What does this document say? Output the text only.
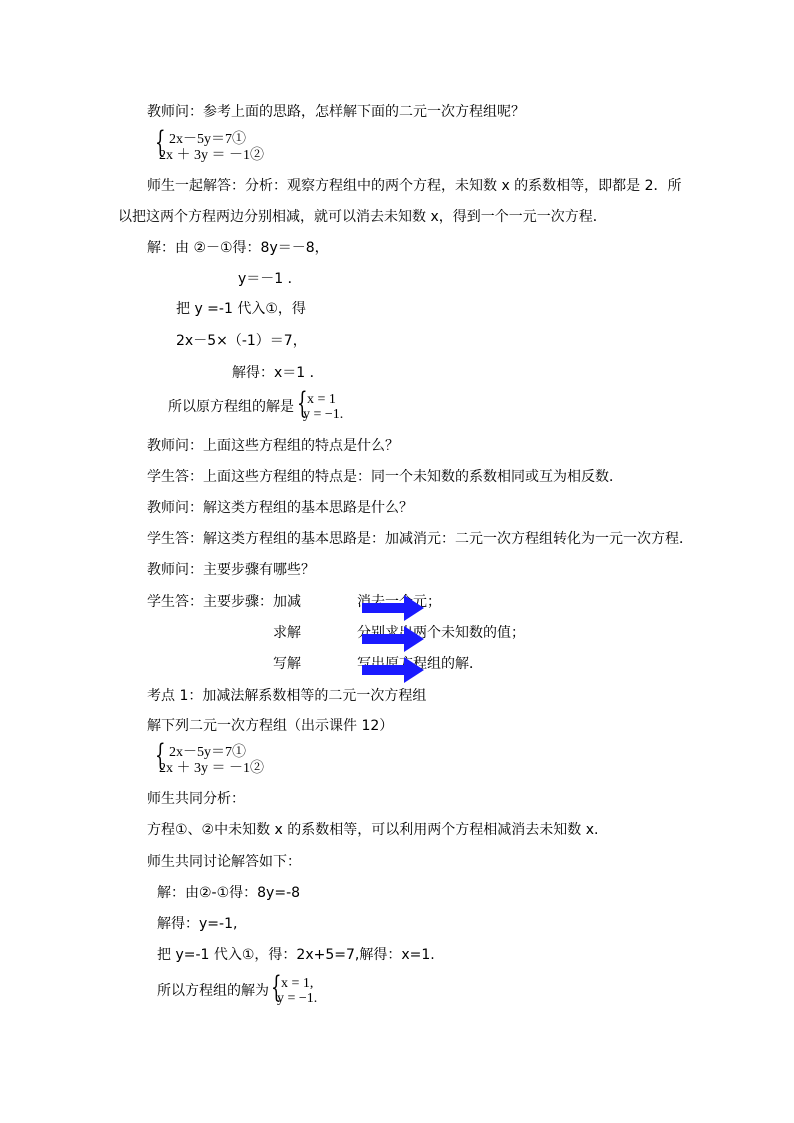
教师问：参考上面的思路，怎样解下面的二元一次方程组呢？
{ 2x－5y＝7①
2x ＋ 3y ＝ －1②
师生一起解答：分析：观察方程组中的两个方程，未知数 x 的系数相等，即都是 2．所
以把这两个方程两边分别相减，就可以消去未知数 x，得到一个一元一次方程．
解：由 ②－①得：8y＝－8，
y＝－1 ．
把 y =-1 代入①，得
2x－5×（-1）＝7，
解得：x＝1 ．
所以原方程组的解是 { x = 1
y = −1.
教师问：上面这些方程组的特点是什么？
学生答：上面这些方程组的特点是：同一个未知数的系数相同或互为相反数．
教师问：解这类方程组的基本思路是什么？
学生答：解这类方程组的基本思路是：加减消元：二元一次方程组转化为一元一次方程．
教师问：主要步骤有哪些？
学生答：主要步骤： 加减	消去一个元；
求解	分别求出两个未知数的值；
写解	写出原方程组的解．
考点 1：加减法解系数相等的二元一次方程组
解下列二元一次方程组（出示课件 12）
{ 2x－5y＝7①
2x ＋ 3y ＝ －1②
师生共同分析：
方程①、②中未知数 x 的系数相等，可以利用两个方程相减消去未知数 x.
师生共同讨论解答如下：
解：由②-①得：8y=-8
解得：y=-1,
把 y=-1 代入①，得：2x+5=7,解得：x=1.
所以方程组的解为 { x = 1,
y = −1.
